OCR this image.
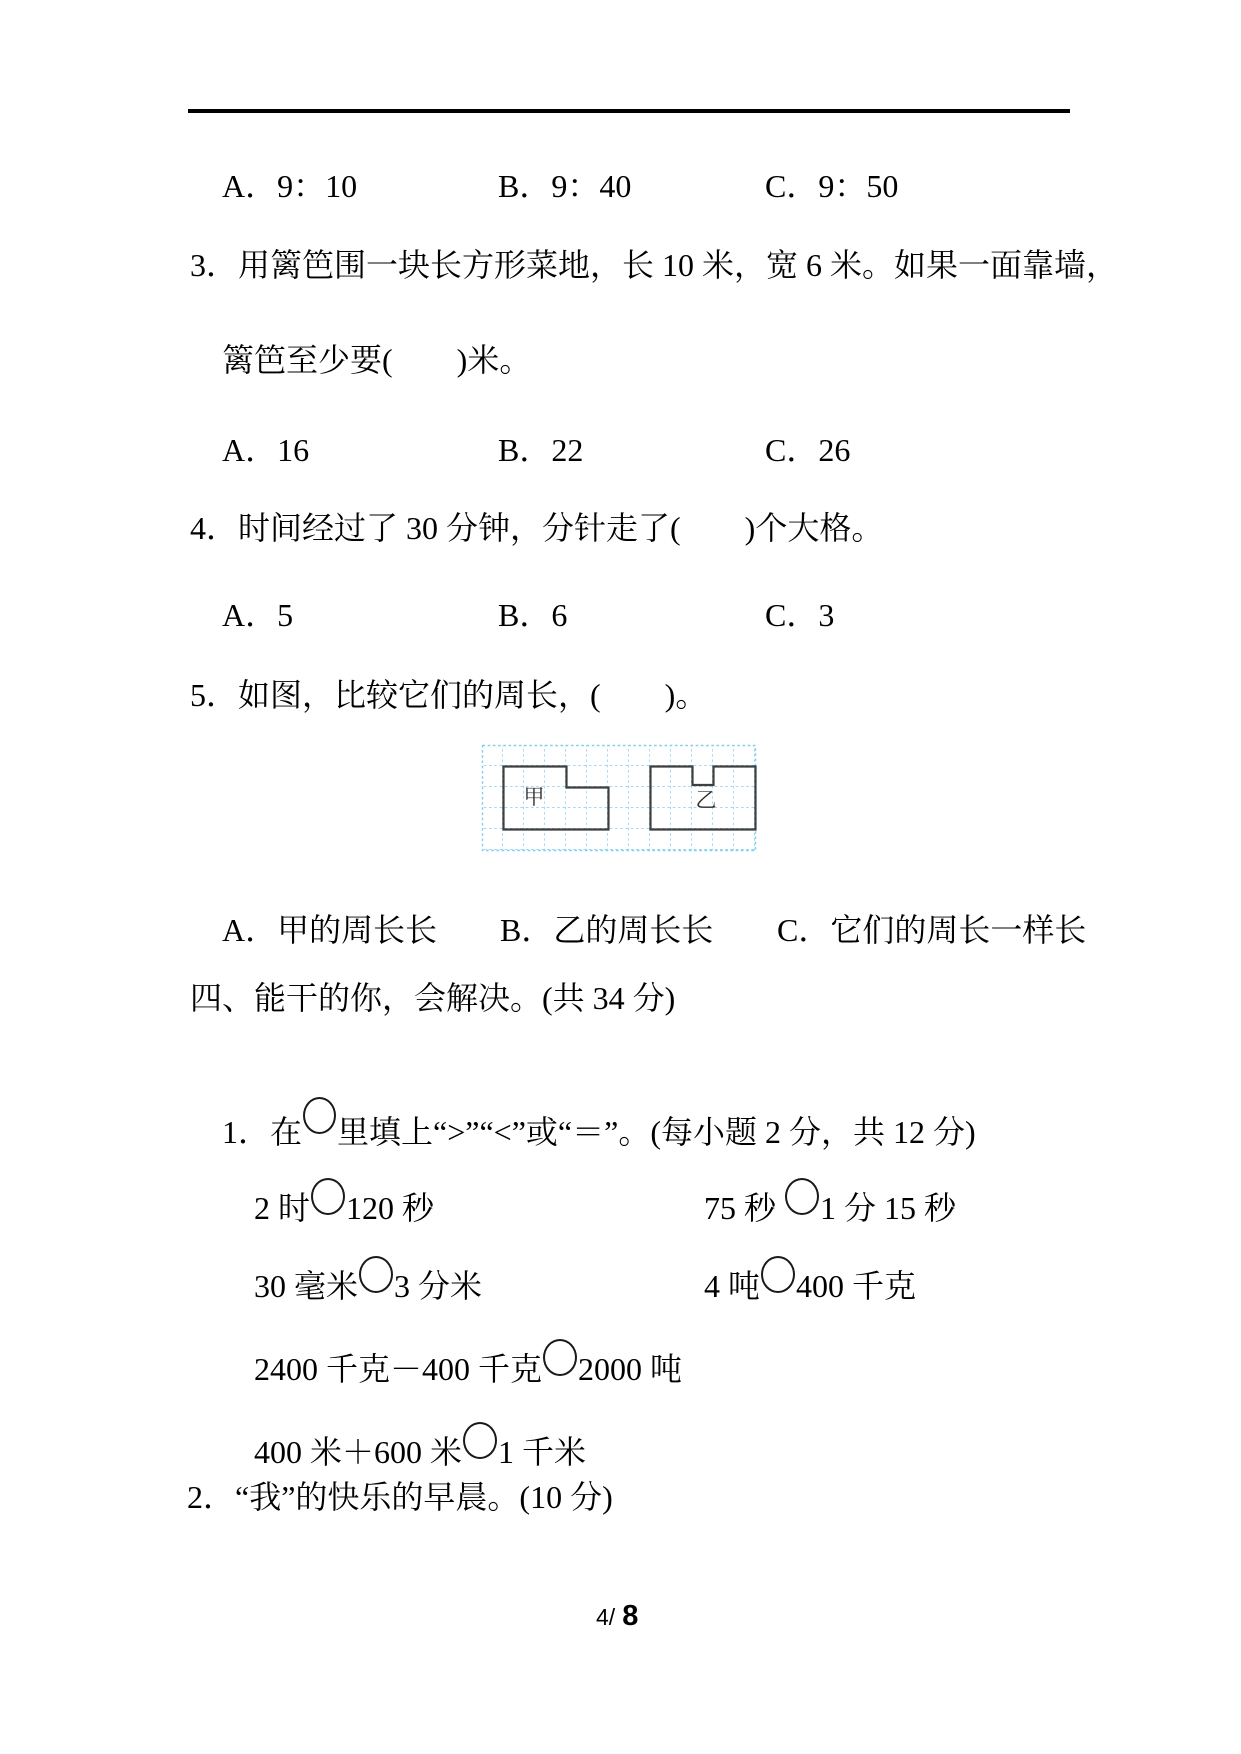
A．9：10	B．9：40	C．9：50
3．用篱笆围一块长方形菜地，长 10 米，宽 6 米。如果一面靠墙，
篱笆至少要(　　)米。
A．16	B．22	C．26
4．时间经过了 30 分钟，分针走了(　　)个大格。
A．5	B．6	C．3
5．如图，比较它们的周长，(　　)。
甲	乙
A．甲的周长长 B．乙的周长长 C．它们的周长一样长
四、能干的你，会解决。(共 34 分)

1．在 里填上“>”“<”或“＝”。(每小题 2 分，共 12 分)

2 时 120 秒
	75 秒 1 分 15 秒

30 毫米 3 分米
	4 吨 400 千克

2400 千克－400 千克 2000 吨

400 米＋600 米 1 千米

2．“我”的快乐的早晨。(10 分)
4/ 8
